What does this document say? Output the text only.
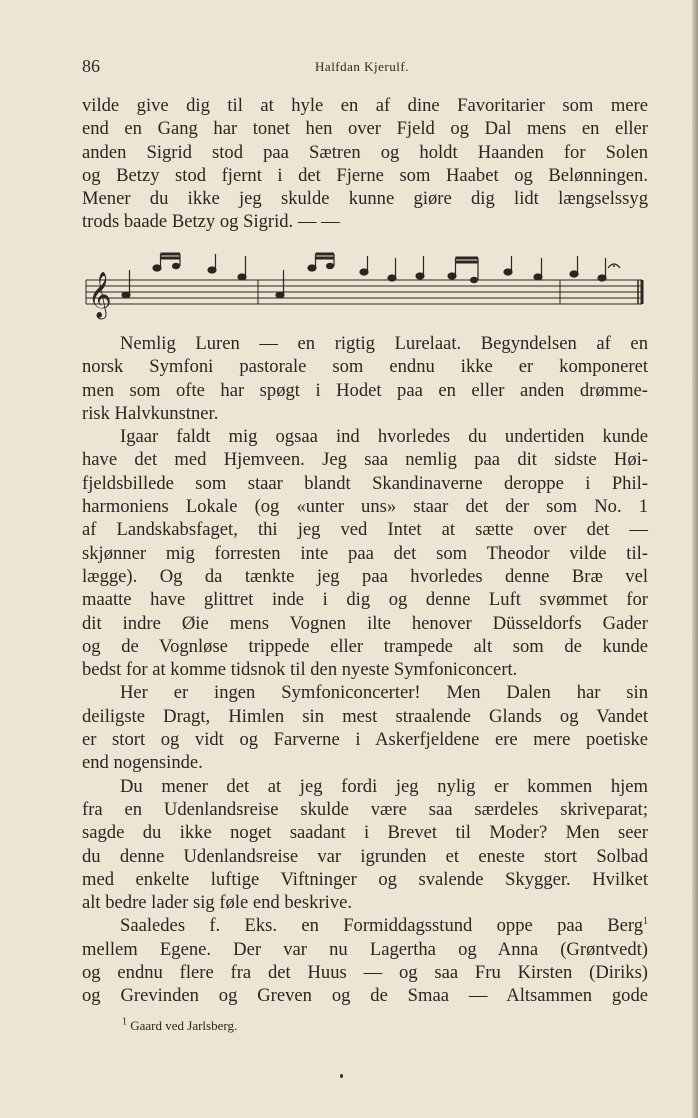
86	Halfdan Kjerulf.
vilde give dig til at hyle en af dine Favoritarier som mere
end en Gang har tonet hen over Fjeld og Dal mens en eller
anden Sigrid stod paa Sætren og holdt Haanden for Solen
og Betzy stod fjernt i det Fjerne som Haabet og Belønningen.
Mener du ikke jeg skulde kunne giøre dig lidt længselssyg
trods baade Betzy og Sigrid. — —
𝄞
Nemlig Luren — en rigtig Lurelaat. Begyndelsen af en
norsk Symfoni pastorale som endnu ikke er komponeret
men som ofte har spøgt i Hodet paa en eller anden drømme-
risk Halvkunstner.
Igaar faldt mig ogsaa ind hvorledes du undertiden kunde
have det med Hjemveen. Jeg saa nemlig paa dit sidste Høi-
fjeldsbillede som staar blandt Skandinaverne deroppe i Phil-
harmoniens Lokale (og «unter uns» staar det der som No. 1
af Landskabsfaget, thi jeg ved Intet at sætte over det —
skjønner mig forresten inte paa det som Theodor vilde til-
lægge). Og da tænkte jeg paa hvorledes denne Bræ vel
maatte have glittret inde i dig og denne Luft svømmet for
dit indre Øie mens Vognen ilte henover Düsseldorfs Gader
og de Vognløse trippede eller trampede alt som de kunde
bedst for at komme tidsnok til den nyeste Symfoniconcert.
Her er ingen Symfoniconcerter! Men Dalen har sin
deiligste Dragt, Himlen sin mest straalende Glands og Vandet
er stort og vidt og Farverne i Askerfjeldene ere mere poetiske
end nogensinde.
Du mener det at jeg fordi jeg nylig er kommen hjem
fra en Udenlandsreise skulde være saa særdeles skriveparat;
sagde du ikke noget saadant i Brevet til Moder? Men seer
du denne Udenlandsreise var igrunden et eneste stort Solbad
med enkelte luftige Viftninger og svalende Skygger. Hvilket
alt bedre lader sig føle end beskrive.
Saaledes f. Eks. en Formiddagsstund oppe paa Berg$^1$
mellem Egene. Der var nu Lagertha og Anna (Grøntvedt)
og endnu flere fra det Huus — og saa Fru Kirsten (Diriks)
og Grevinden og Greven og de Smaa — Altsammen gode
$^1$ Gaard ved Jarlsberg.
